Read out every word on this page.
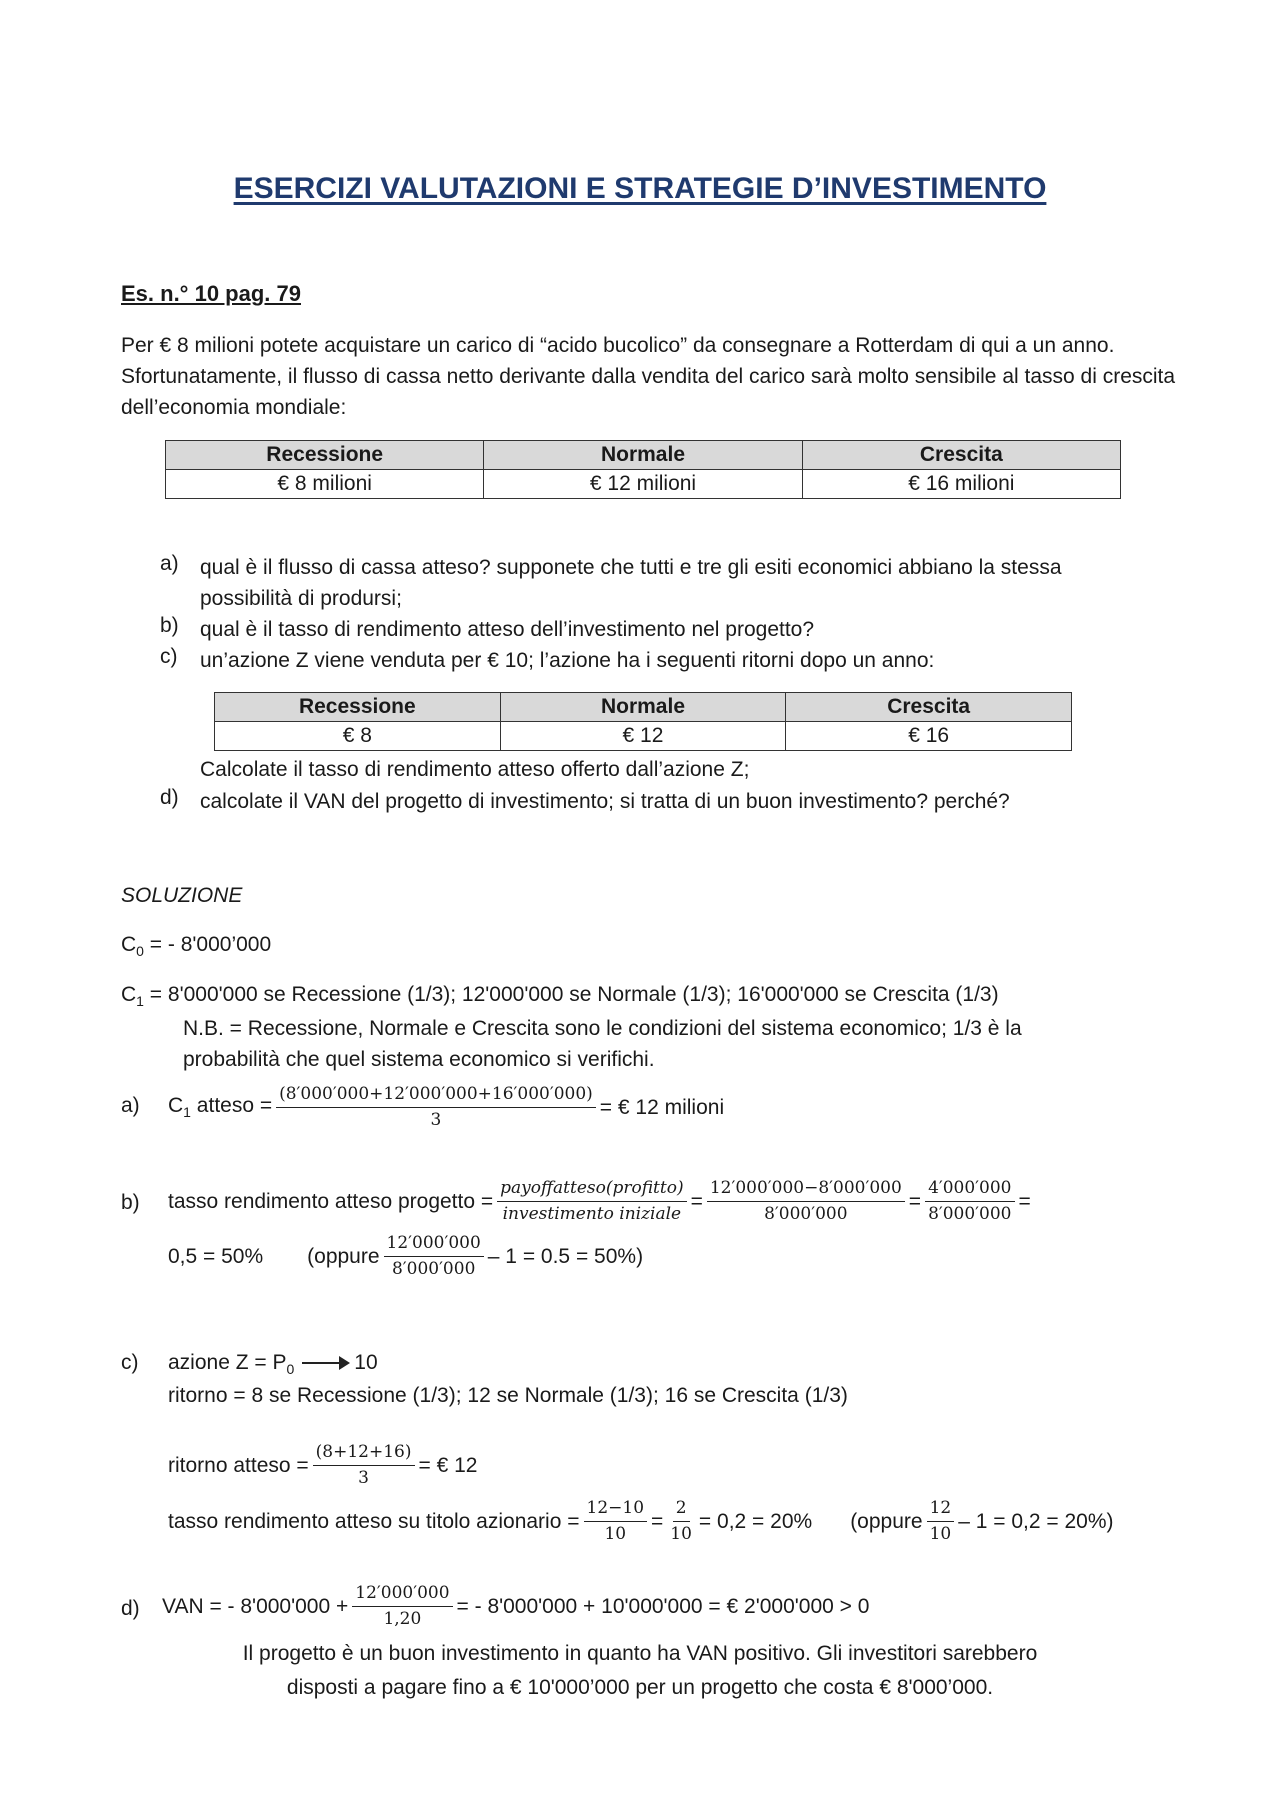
ESERCIZI VALUTAZIONI E STRATEGIE D’INVESTIMENTO
Es. n.° 10 pag. 79
Per € 8 milioni potete acquistare un carico di “acido bucolico” da consegnare a Rotterdam di qui a un anno. Sfortunatamente, il flusso di cassa netto derivante dalla vendita del carico sarà molto sensibile al tasso di crescita dell’economia mondiale:
Recessione	Normale	Crescita
€ 8 milioni	€ 12 milioni	€ 16 milioni
a)	qual è il flusso di cassa atteso? supponete che tutti e tre gli esiti economici abbiano la stessa possibilità di prodursi;
b)	qual è il tasso di rendimento atteso dell’investimento nel progetto?
c)	un’azione Z viene venduta per € 10; l’azione ha i seguenti ritorni dopo un anno:
Recessione	Normale	Crescita
€ 8	€ 12	€ 16
Calcolate il tasso di rendimento atteso offerto dall’azione Z;
d)	calcolate il VAN del progetto di investimento; si tratta di un buon investimento? perché?
SOLUZIONE
$C_0$ = - 8'000’000
$C_1 = 8'000'000$ se Recessione (1/3); 12'000'000 se Normale (1/3); 16'000'000 se Crescita (1/3)
N.B. = Recessione, Normale e Crescita sono le condizioni del sistema economico; 1/3 è la probabilità che quel sistema economico si verifichi.
a) $C_1$ atteso = $\frac{(8'000'000+12'000'000+16'000'000)}{3}$ = € 12 milioni
b) tasso rendimento atteso progetto = $\frac{\text{payoffatteso(profitto)}}{\text{investimento iniziale}} = \frac{12'000'000-8'000'000}{8'000'000} = \frac{4'000'000}{8'000'000}$ =
0,5 = 50% (oppure $\frac{12'000'000}{8'000'000} - 1 = 0.5 = 50\%$)
c) azione $Z = P_0$	10
ritorno = 8 se Recessione (1/3); 12 se Normale (1/3); 16 se Crescita (1/3)
ritorno atteso = $\frac{(8+12+16)}{3}$ = € 12
tasso rendimento atteso su titolo azionario = $\frac{12-10}{10} = \frac{2}{10} = 0,2 = 20\%$ (oppure $\frac{12}{10} - 1 = 0,2 = 20\%$)
d) VAN = - $8'000'000 + \frac{12'000'000}{1,20}$ = - 8'000'000 + 10'000'000 = € 2'000'000 > 0
Il progetto è un buon investimento in quanto ha VAN positivo. Gli investitori sarebbero
disposti a pagare fino a € 10'000’000 per un progetto che costa € 8'000’000.
